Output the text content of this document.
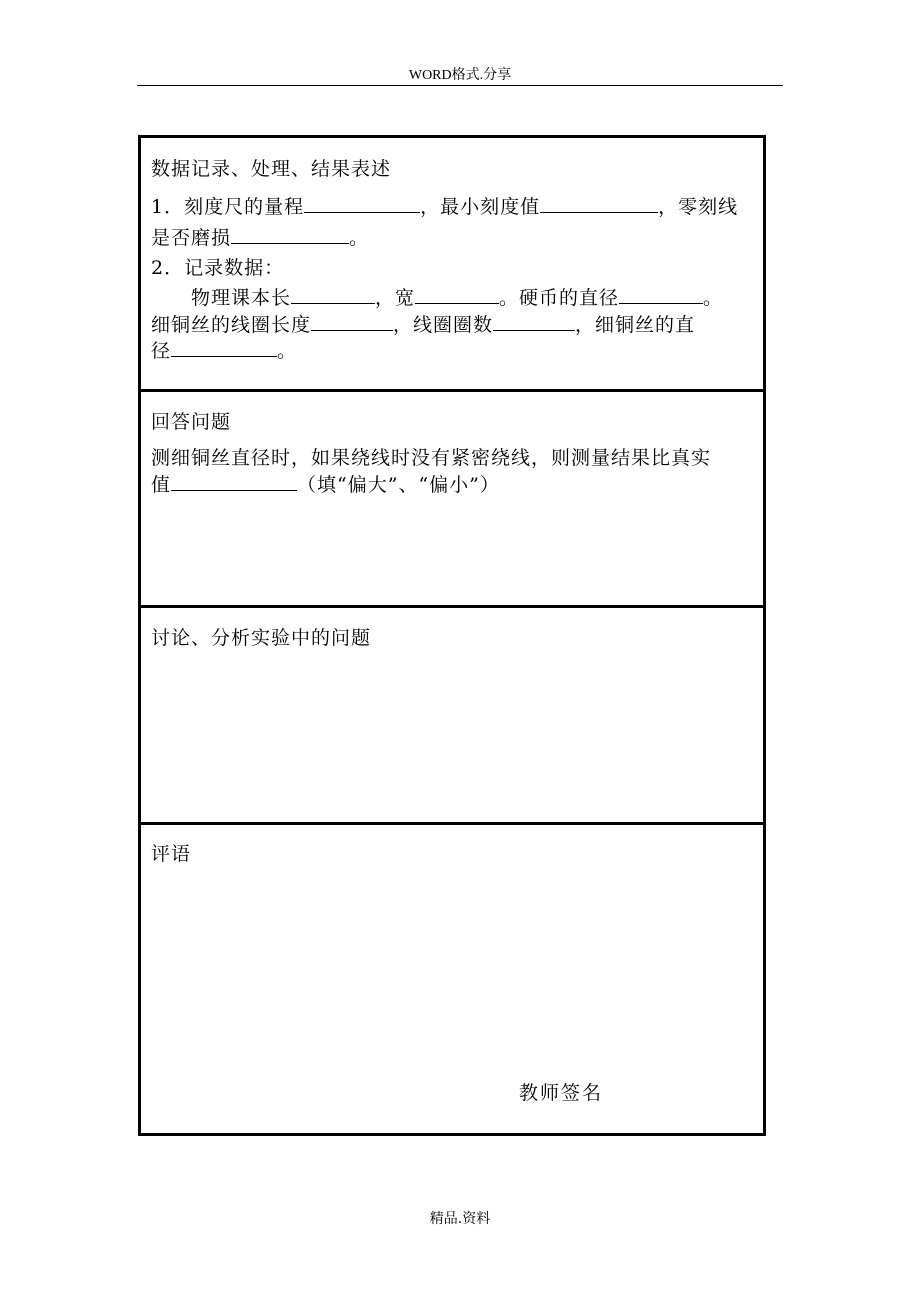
WORD格式.分享
数据记录、处理、结果表述
1．刻度尺的量程	，最小刻度值	，零刻线
是否磨损	。
2．记录数据：
物理课本长	，宽	。硬币的直径	。
细铜丝的线圈长度	，线圈圈数	，细铜丝的直
径	。
回答问题
测细铜丝直径时，如果绕线时没有紧密绕线，则测量结果比真实
值	（填“偏大”、“偏小”）
讨论、分析实验中的问题
评语
教师签名
精品.资料
